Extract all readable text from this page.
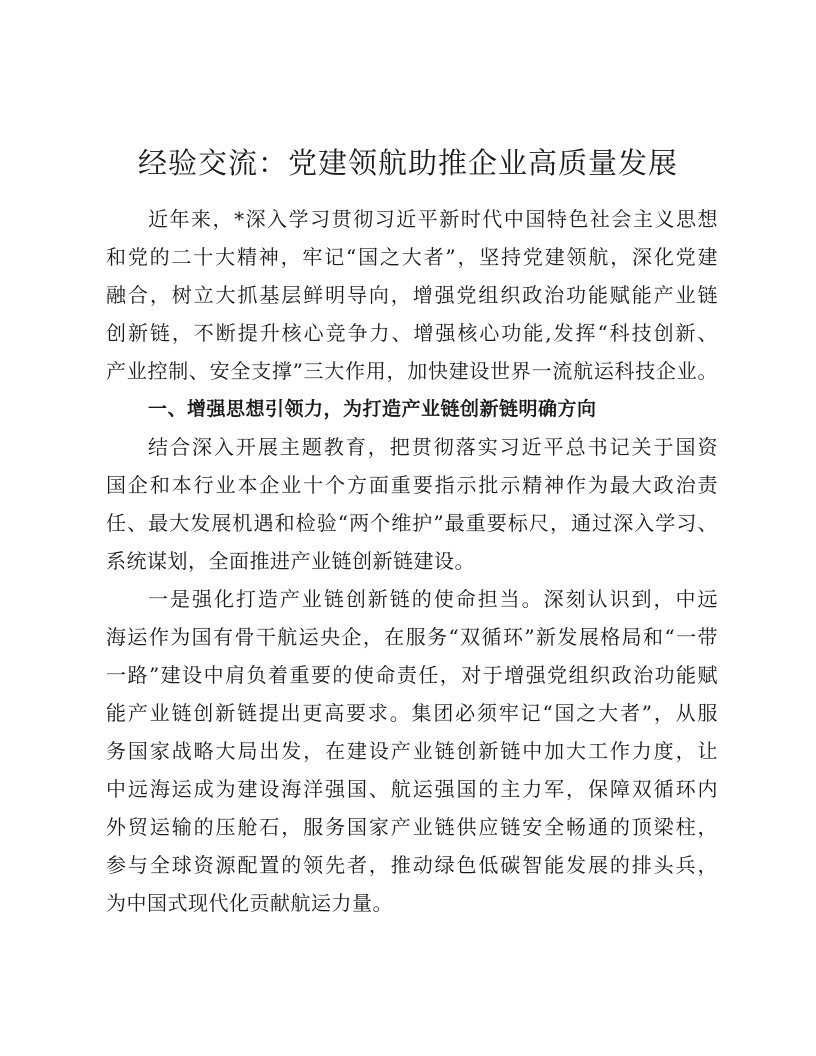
经验交流：党建领航助推企业高质量发展
近年来，*深入学习贯彻习近平新时代中国特色社会主义思想
和党的二十大精神，牢记“国之大者”，坚持党建领航，深化党建
融合，树立大抓基层鲜明导向，增强党组织政治功能赋能产业链
创新链，不断提升核心竞争力、增强核心功能,发挥“科技创新、
产业控制、安全支撑”三大作用，加快建设世界一流航运科技企业。
一、增强思想引领力，为打造产业链创新链明确方向
结合深入开展主题教育，把贯彻落实习近平总书记关于国资
国企和本行业本企业十个方面重要指示批示精神作为最大政治责
任、最大发展机遇和检验“两个维护”最重要标尺，通过深入学习、
系统谋划，全面推进产业链创新链建设。
一是强化打造产业链创新链的使命担当。深刻认识到，中远
海运作为国有骨干航运央企，在服务“双循环”新发展格局和“一带
一路”建设中肩负着重要的使命责任，对于增强党组织政治功能赋
能产业链创新链提出更高要求。集团必须牢记“国之大者”，从服
务国家战略大局出发，在建设产业链创新链中加大工作力度，让
中远海运成为建设海洋强国、航运强国的主力军，保障双循环内
外贸运输的压舱石，服务国家产业链供应链安全畅通的顶梁柱，
参与全球资源配置的领先者，推动绿色低碳智能发展的排头兵，
为中国式现代化贡献航运力量。
